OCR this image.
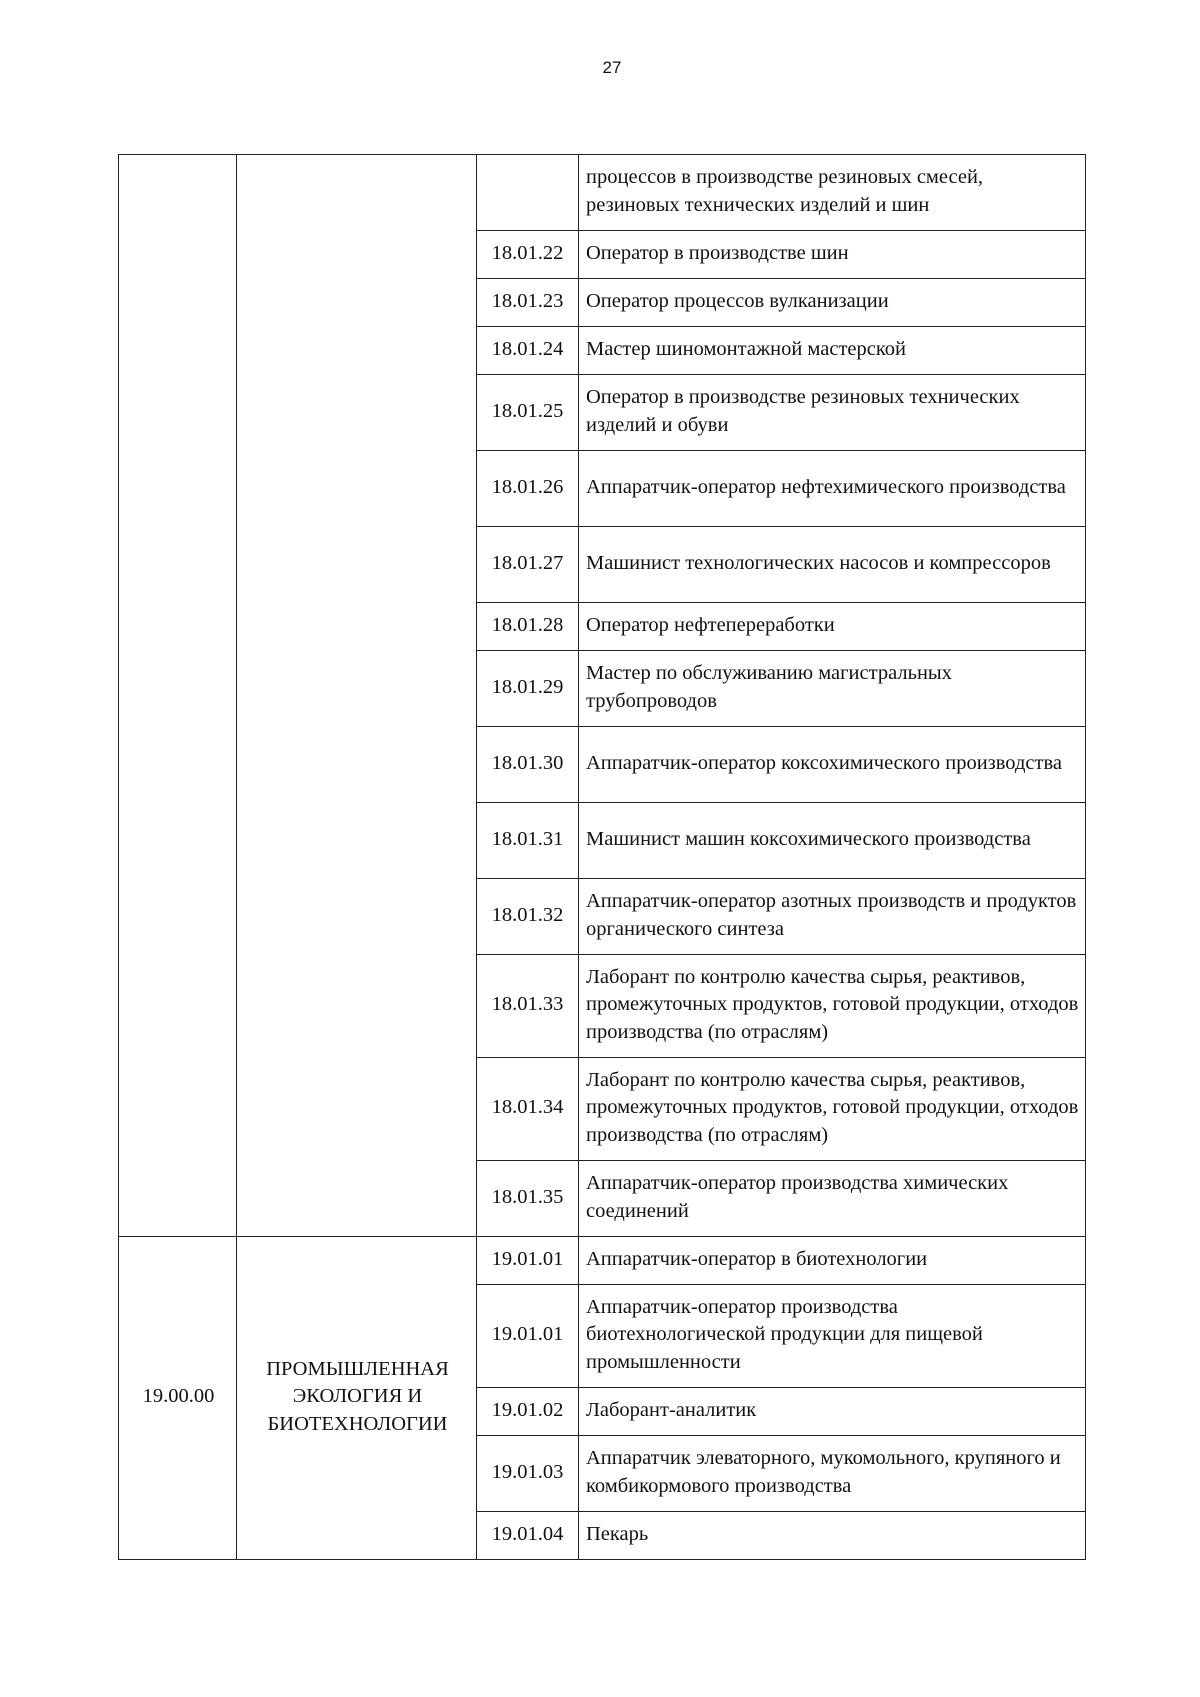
27
			процессов в производстве резиновых смесей, резиновых технических изделий и шин
		18.01.22	Оператор в производстве шин
		18.01.23	Оператор процессов вулканизации
		18.01.24	Мастер шиномонтажной мастерской
		18.01.25	Оператор в производстве резиновых технических изделий и обуви
		18.01.26	Аппаратчик-оператор нефтехимического производства
		18.01.27	Машинист технологических насосов и компрессоров
		18.01.28	Оператор нефтепереработки
		18.01.29	Мастер по обслуживанию магистральных трубопроводов
		18.01.30	Аппаратчик-оператор коксохимического производства
		18.01.31	Машинист машин коксохимического производства
		18.01.32	Аппаратчик-оператор азотных производств и продуктов органического синтеза
		18.01.33	Лаборант по контролю качества сырья, реактивов, промежуточных продуктов, готовой продукции, отходов производства (по отраслям)
		18.01.34	Лаборант по контролю качества сырья, реактивов, промежуточных продуктов, готовой продукции, отходов производства (по отраслям)
		18.01.35	Аппаратчик-оператор производства химических соединений
19.00.00	ПРОМЫШЛЕННАЯ ЭКОЛОГИЯ И БИОТЕХНОЛОГИИ	19.01.01	Аппаратчик-оператор в биотехнологии
		19.01.01	Аппаратчик-оператор производства биотехнологической продукции для пищевой промышленности
		19.01.02	Лаборант-аналитик
		19.01.03	Аппаратчик элеваторного, мукомольного, крупяного и комбикормового производства
		19.01.04	Пекарь
